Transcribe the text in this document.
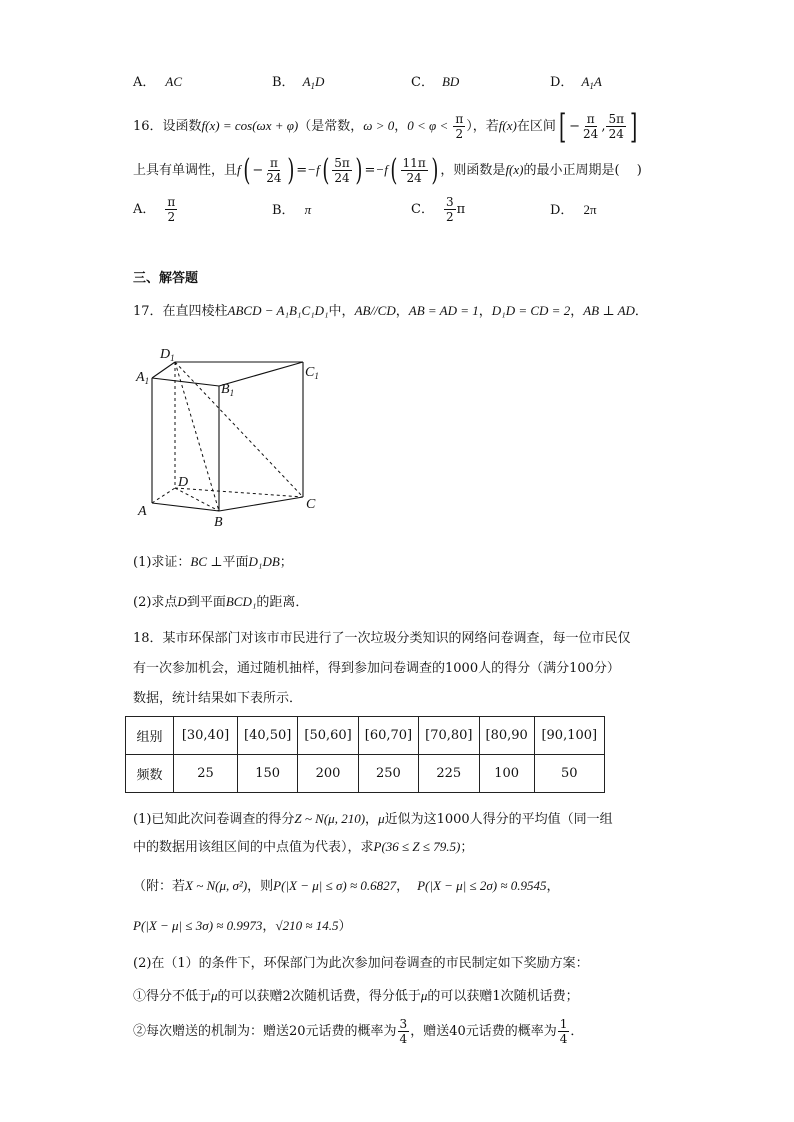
A． AC	B． $A_1D$	C． BD	D． $A_1A$
16．设函数f(x) = cos(ωx + φ)（是常数，ω > 0，$0 < \varphi < \frac{\pi}{2}$ ），若f(x)在区间[ − $\frac{\pi}{24}$ , $\frac{5\pi}{24}$ ]
上具有单调性，且$f( - \frac{\pi}{24}$ ) $=-f( \frac{5\pi}{24}$ ) $=-f( \frac{11\pi}{24}$ ) ，则函数是f(x)的最小正周期是(　 )
A． $\frac{\pi}{2}$	B． π	C． $\frac{3}{2}$ π	D． 2π
三、解答题
17．在直四棱柱ABCD − A₁B₁C₁D₁中，AB//CD，AB = AD = 1，D₁D = CD = 2，AB ⊥ AD．
$D_1$
$A_1$
$B_1$
$C_1$
D
A
B
C
(1)求证：BC ⊥平面D₁DB；
(2)求点D到平面BCD₁的距离．
18．某市环保部门对该市市民进行了一次垃圾分类知识的网络问卷调查，每一位市民仅
有一次参加机会，通过随机抽样，得到参加问卷调查的1000人的得分（满分100分）
数据，统计结果如下表所示．
组别	[30,40]	[40,50]	[50,60]	[60,70]	[70,80]	[80,90	[90,100]
频数	25	150	200	250	225	100	50
(1)已知此次问卷调查的得分Z ~ N(μ, 210)，μ近似为这1000人得分的平均值（同一组
中的数据用该组区间的中点值为代表），求P(36 ≤ Z ≤ 79.5)；
（附：若X ~ N(μ, σ²)，则P(|X − μ| ≤ σ) ≈ 0.6827， P(|X − μ| ≤ 2σ) ≈ 0.9545，
P(|X − μ| ≤ 3σ) ≈ 0.9973，√210 ≈ 14.5）
(2)在（1）的条件下，环保部门为此次参加问卷调查的市民制定如下奖励方案：
①得分不低于μ的可以获赠2次随机话费，得分低于μ的可以获赠1次随机话费；
②每次赠送的机制为：赠送20元话费的概率为 $\frac{3}{4}$ ，赠送40元话费的概率为 $\frac{1}{4}$ ．
